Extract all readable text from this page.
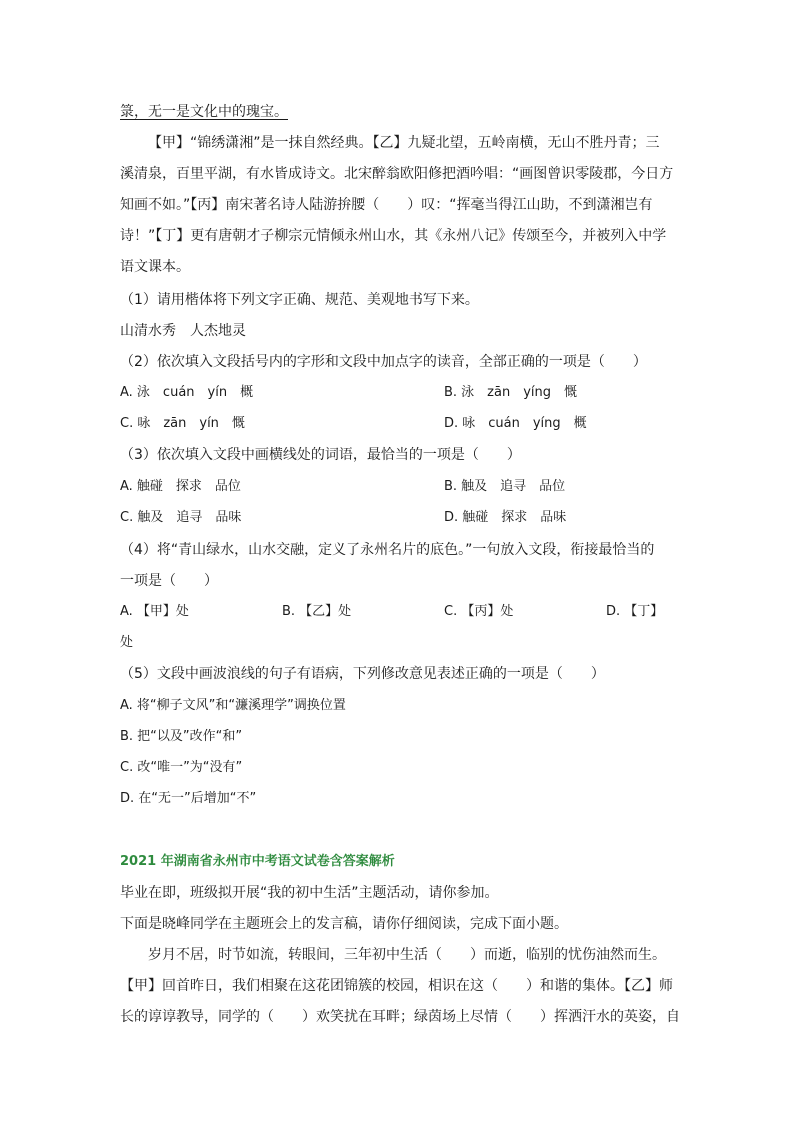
箓，无一是文化中的瑰宝。
【甲】“锦绣潇湘”是一抹自然经典。【乙】九疑北望，五岭南横，无山不胜丹青；三
溪清泉，百里平湖，有水皆成诗文。北宋醉翁欧阳修把酒吟唱：“画图曾识零陵郡，今日方
知画不如。”【丙】南宋著名诗人陆游拚腰（　　）叹：“挥毫当得江山助，不到潇湘岂有
诗！”【丁】更有唐朝才子柳宗元情倾永州山水，其《永州八记》传颂至今，并被列入中学
语文课本。
（1）请用楷体将下列文字正确、规范、美观地书写下来。
山清水秀　人杰地灵
（2）依次填入文段括号内的字形和文段中加点字的读音，全部正确的一项是（　　）
A. 泳　cuán　yín　概	B. 泳　zān　yíng　慨
C. 咏　zān　yín　慨	D. 咏　cuán　yíng　概
（3）依次填入文段中画横线处的词语，最恰当的一项是（　　）
A. 触碰　探求　品位	B. 触及　追寻　品位
C. 触及　追寻　品味	D. 触碰　探求　品味
（4）将“青山绿水，山水交融，定义了永州名片的底色。”一句放入文段，衔接最恰当的
一项是（　　）
A. 【甲】处	B. 【乙】处	C. 【丙】处	D. 【丁】
处
（5）文段中画波浪线的句子有语病，下列修改意见表述正确的一项是（　　）
A. 将“柳子文风”和“濂溪理学”调换位置
B. 把“以及”改作“和”
C. 改“唯一”为“没有”
D. 在“无一”后增加“不”
2021 年湖南省永州市中考语文试卷含答案解析
毕业在即，班级拟开展“我的初中生活”主题活动，请你参加。
下面是晓峰同学在主题班会上的发言稿，请你仔细阅读，完成下面小题。
岁月不居，时节如流，转眼间，三年初中生活（　　）而逝，临别的忧伤油然而生。
【甲】回首昨日，我们相聚在这花团锦簇的校园，相识在这（　　）和谐的集体。【乙】师
长的谆谆教导，同学的（　　）欢笑扰在耳畔；绿茵场上尽情（　　）挥洒汗水的英姿，自
